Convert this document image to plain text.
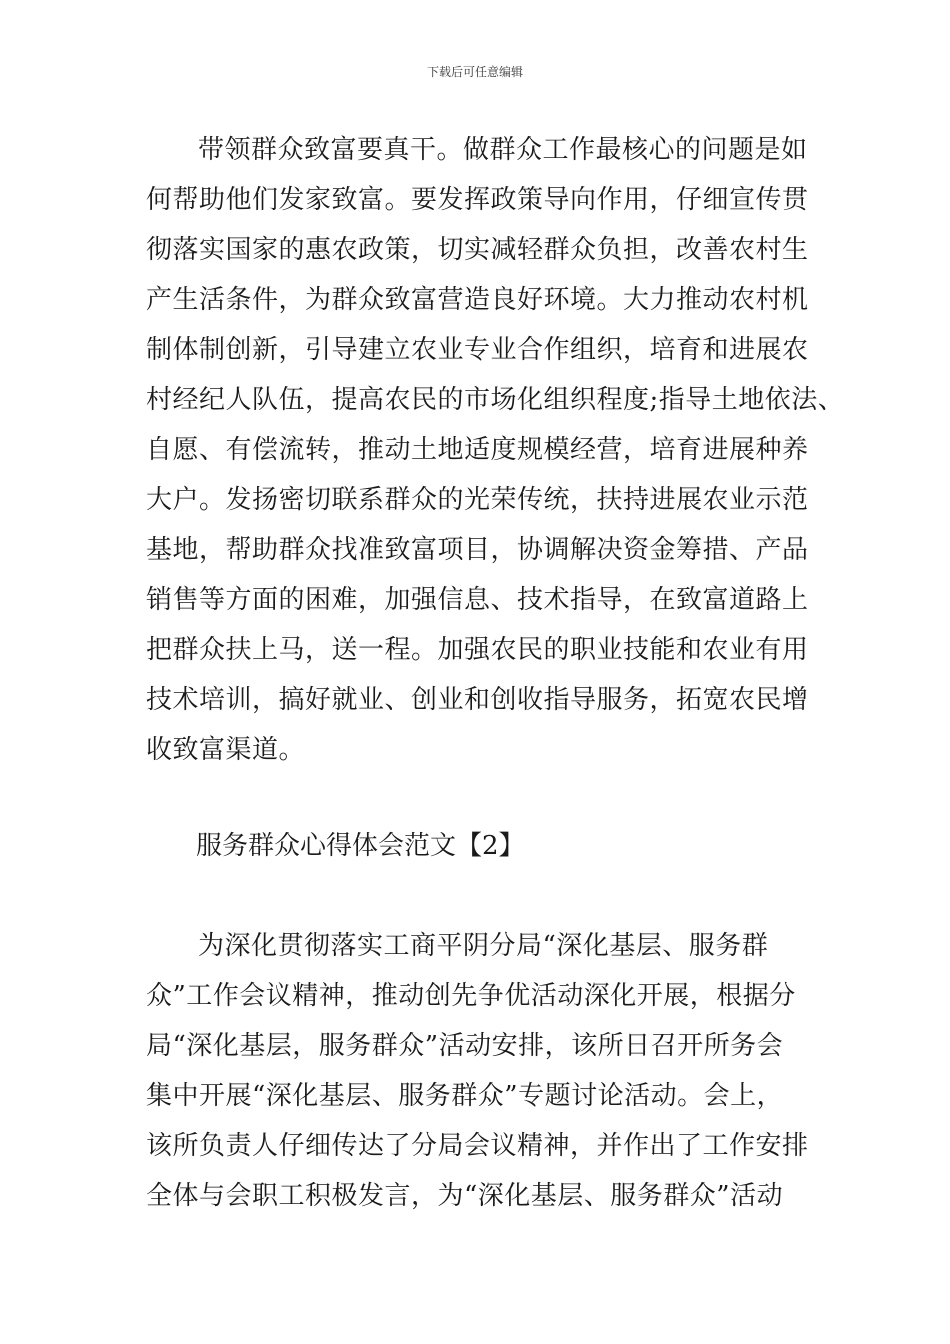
下载后可任意编辑
带领群众致富要真干。做群众工作最核心的问题是如
何帮助他们发家致富。要发挥政策导向作用，仔细宣传贯
彻落实国家的惠农政策，切实减轻群众负担，改善农村生
产生活条件，为群众致富营造良好环境。大力推动农村机
制体制创新，引导建立农业专业合作组织，培育和进展农
村经纪人队伍，提高农民的市场化组织程度;指导土地依法、
自愿、有偿流转，推动土地适度规模经营，培育进展种养
大户。发扬密切联系群众的光荣传统，扶持进展农业示范
基地，帮助群众找准致富项目，协调解决资金筹措、产品
销售等方面的困难，加强信息、技术指导，在致富道路上
把群众扶上马，送一程。加强农民的职业技能和农业有用
技术培训，搞好就业、创业和创收指导服务，拓宽农民增
收致富渠道。
服务群众心得体会范文【2】
为深化贯彻落实工商平阴分局“深化基层、服务群
众”工作会议精神，推动创先争优活动深化开展，根据分
局“深化基层，服务群众”活动安排，该所日召开所务会
集中开展“深化基层、服务群众”专题讨论活动。会上，
该所负责人仔细传达了分局会议精神，并作出了工作安排
全体与会职工积极发言，为“深化基层、服务群众”活动
